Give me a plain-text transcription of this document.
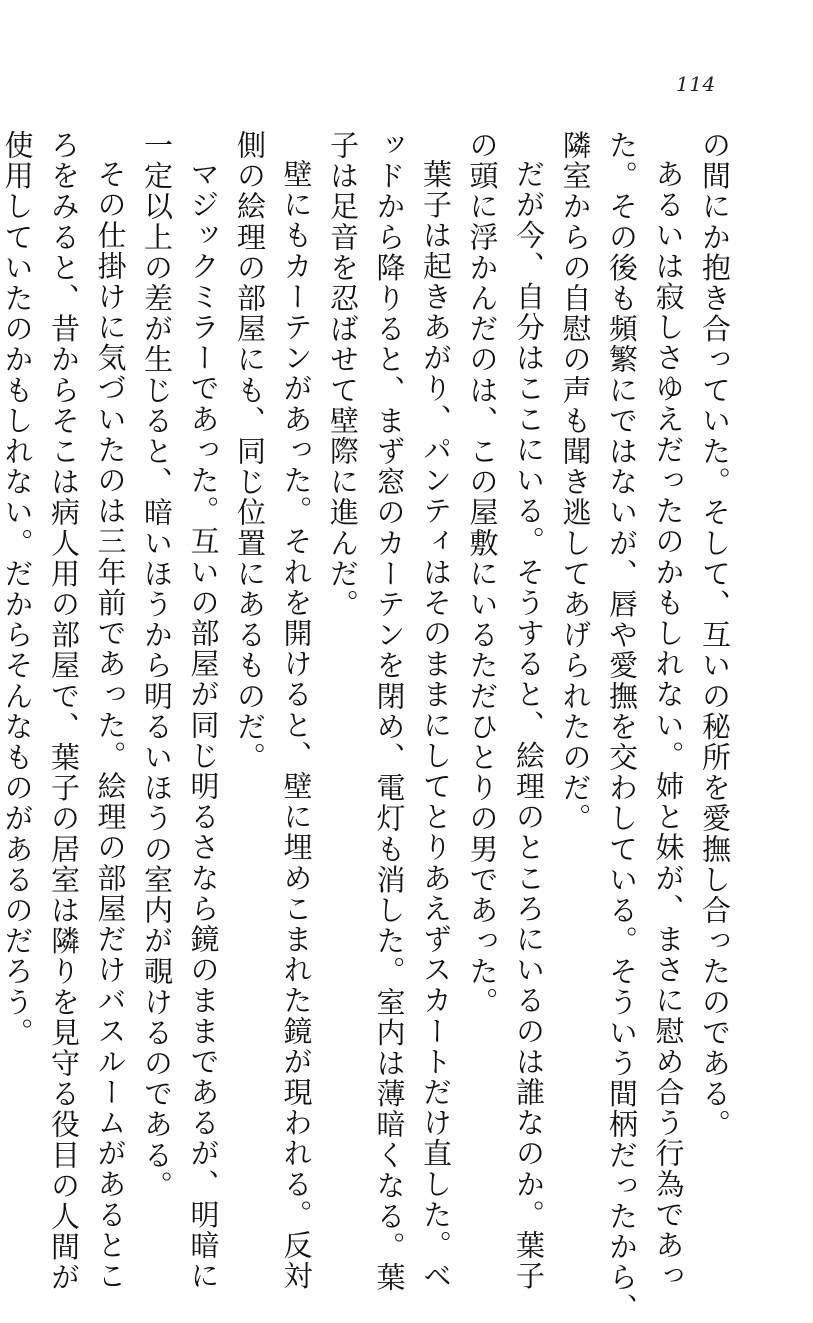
114
の間にか抱き合っていた。そして、互いの秘所を愛撫し合ったのである。
あるいは寂しさゆえだったのかもしれない。姉と妹が、まさに慰め合う行為であっ
た。その後も頻繁にではないが、唇や愛撫を交わしている。そういう間柄だったから、
隣室からの自慰の声も聞き逃してあげられたのだ。
だが今、自分はここにいる。そうすると、絵理のところにいるのは誰なのか。葉子
の頭に浮かんだのは、この屋敷にいるただひとりの男であった。
葉子は起きあがり、パンティはそのままにしてとりあえずスカートだけ直した。ベ
ッドから降りると、まず窓のカーテンを閉め、電灯も消した。室内は薄暗くなる。葉
子は足音を忍ばせて壁際に進んだ。
壁にもカーテンがあった。それを開けると、壁に埋めこまれた鏡が現われる。反対
側の絵理の部屋にも、同じ位置にあるものだ。
マジックミラーであった。互いの部屋が同じ明るさなら鏡のままであるが、明暗に
一定以上の差が生じると、暗いほうから明るいほうの室内が覗けるのである。
その仕掛けに気づいたのは三年前であった。絵理の部屋だけバスルームがあるとこ
ろをみると、昔からそこは病人用の部屋で、葉子の居室は隣りを見守る役目の人間が
使用していたのかもしれない。だからそんなものがあるのだろう。
